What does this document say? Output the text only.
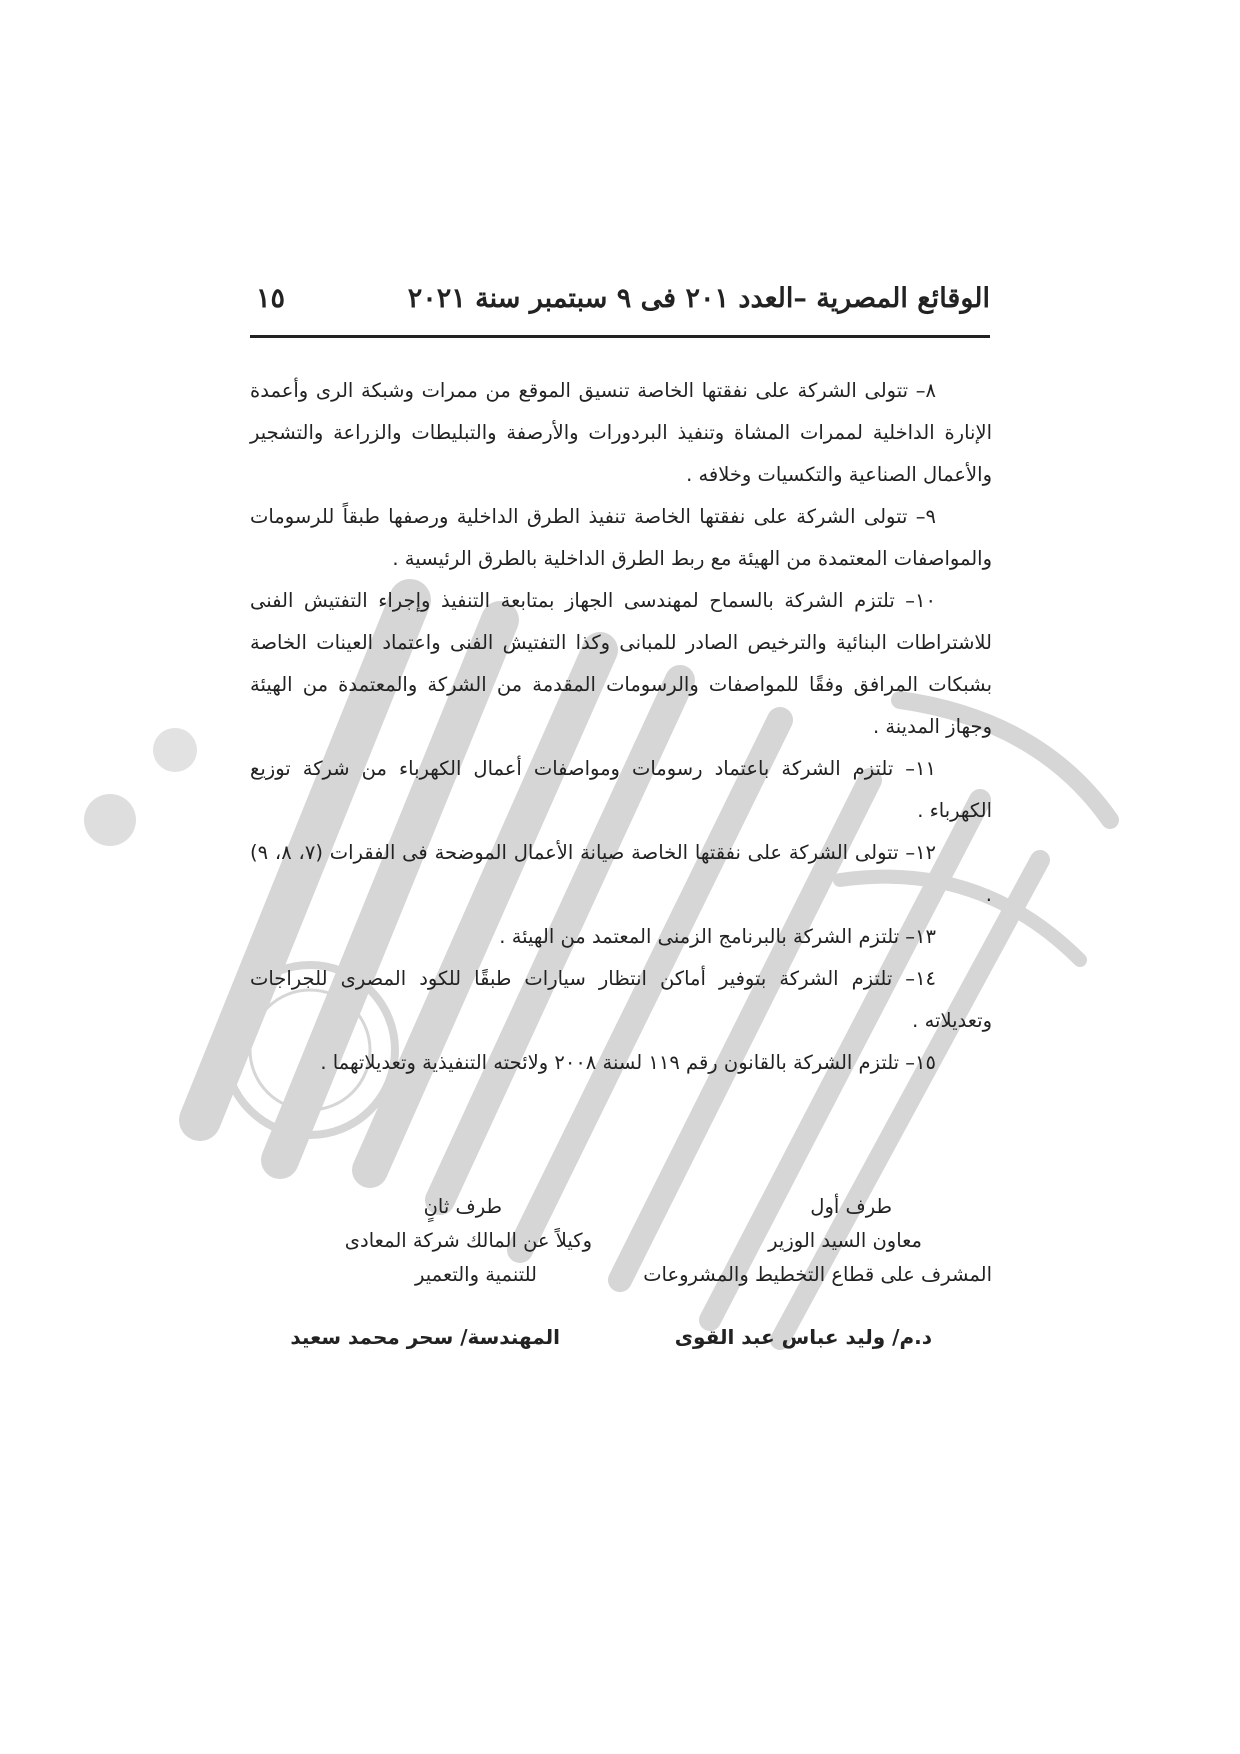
الوقائع المصرية –العدد ٢٠١ فى ٩ سبتمبر سنة ٢٠٢١
١٥

٨– تتولى الشركة على نفقتها الخاصة تنسيق الموقع من ممرات وشبكة الرى وأعمدة الإنارة الداخلية لممرات المشاة وتنفيذ البردورات والأرصفة والتبليطات والزراعة والتشجير والأعمال الصناعية والتكسيات وخلافه .

٩– تتولى الشركة على نفقتها الخاصة تنفيذ الطرق الداخلية ورصفها طبقاً للرسومات والمواصفات المعتمدة من الهيئة مع ربط الطرق الداخلية بالطرق الرئيسية .

١٠– تلتزم الشركة بالسماح لمهندسى الجهاز بمتابعة التنفيذ وإجراء التفتيش الفنى للاشتراطات البنائية والترخيص الصادر للمبانى وكذا التفتيش الفنى واعتماد العينات الخاصة بشبكات المرافق وفقًا للمواصفات والرسومات المقدمة من الشركة والمعتمدة من الهيئة وجهاز المدينة .

١١– تلتزم الشركة باعتماد رسومات ومواصفات أعمال الكهرباء من شركة توزيع الكهرباء .

١٢– تتولى الشركة على نفقتها الخاصة صيانة الأعمال الموضحة فى الفقرات (٧، ٨، ٩) .

١٣– تلتزم الشركة بالبرنامج الزمنى المعتمد من الهيئة .

١٤– تلتزم الشركة بتوفير أماكن انتظار سيارات طبقًا للكود المصرى للجراجات وتعديلاته .

١٥– تلتزم الشركة بالقانون رقم ١١٩ لسنة ٢٠٠٨ ولائحته التنفيذية وتعديلاتهما .

طرف أول
معاون السيد الوزير
المشرف على قطاع التخطيط والمشروعات
طرف ثانٍ
وكيلاً عن المالك شركة المعادى
للتنمية والتعمير
د.م/ وليد عباس عبد القوى
المهندسة/ سحر محمد سعيد
